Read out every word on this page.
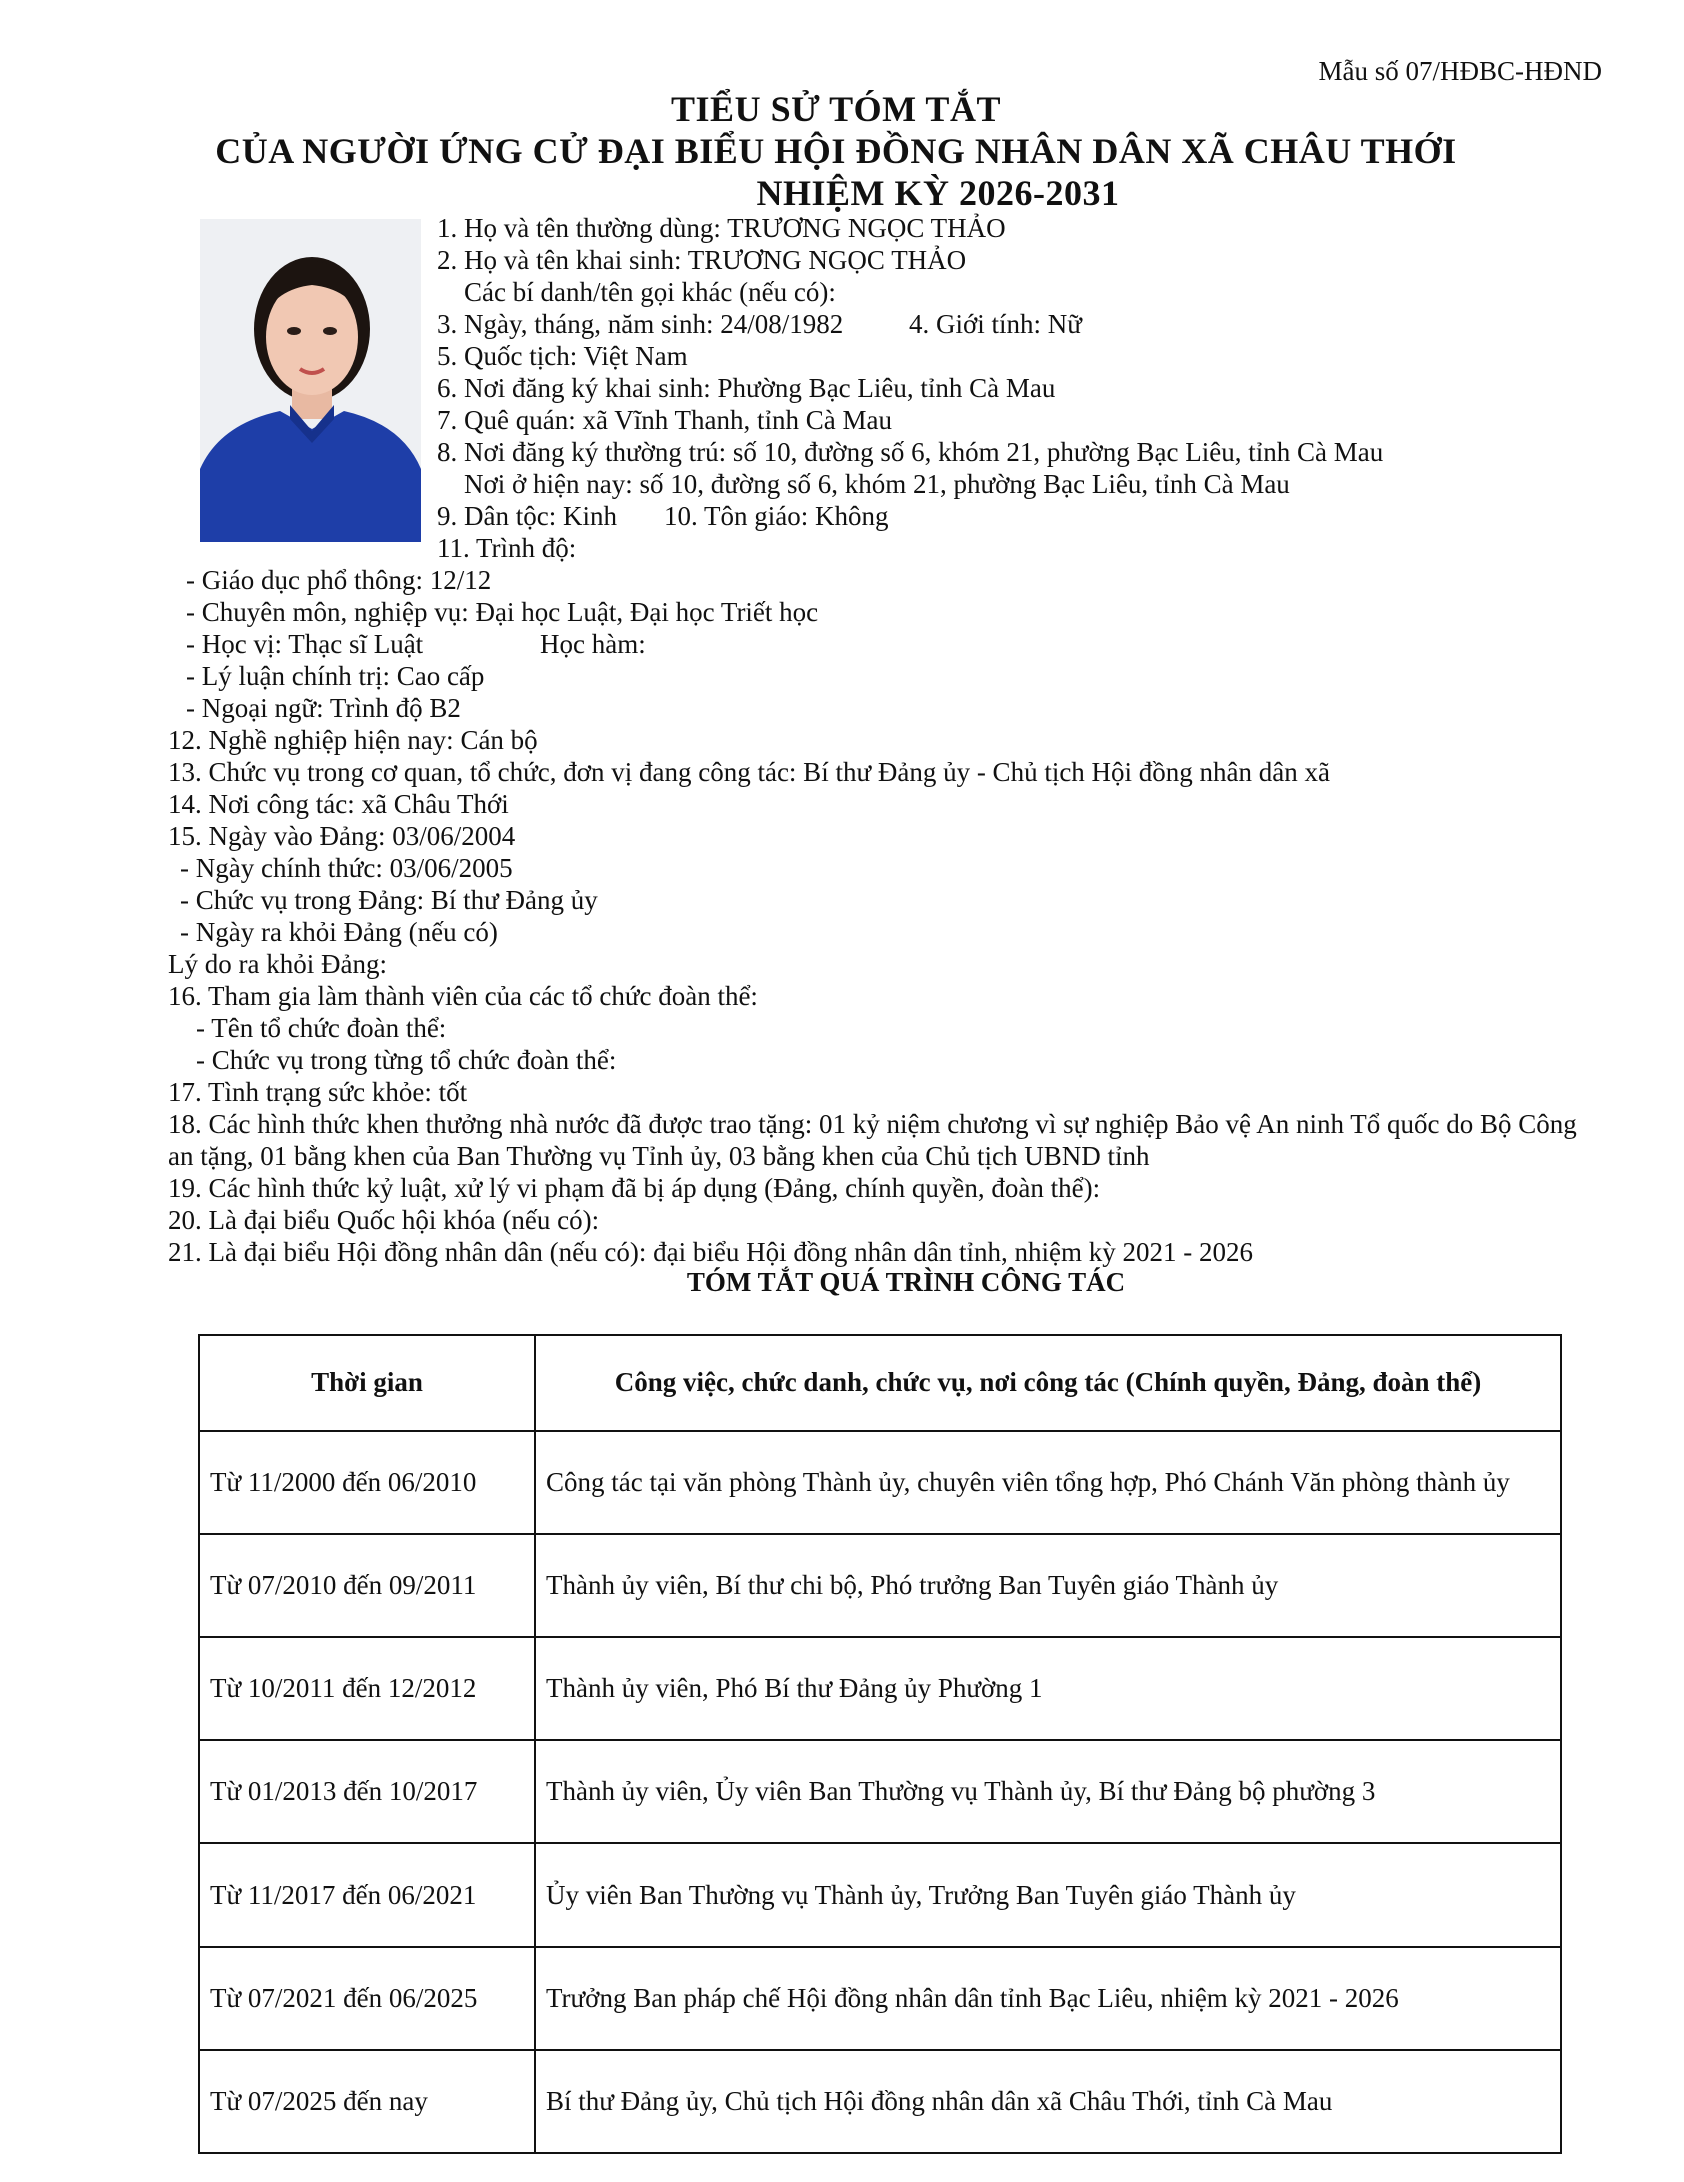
Mẫu số 07/HĐBC-HĐND
TIỂU SỬ TÓM TẮT
CỦA NGƯỜI ỨNG CỬ ĐẠI BIỂU HỘI ĐỒNG NHÂN DÂN XÃ CHÂU THỚI
NHIỆM KỲ 2026-2031
1. Họ và tên thường dùng: TRƯƠNG NGỌC THẢO
2. Họ và tên khai sinh: TRƯƠNG NGỌC THẢO
Các bí danh/tên gọi khác (nếu có):
3. Ngày, tháng, năm sinh: 24/08/1982 4. Giới tính: Nữ
5. Quốc tịch: Việt Nam
6. Nơi đăng ký khai sinh: Phường Bạc Liêu, tỉnh Cà Mau
7. Quê quán: xã Vĩnh Thanh, tỉnh Cà Mau
8. Nơi đăng ký thường trú: số 10, đường số 6, khóm 21, phường Bạc Liêu, tỉnh Cà Mau
Nơi ở hiện nay: số 10, đường số 6, khóm 21, phường Bạc Liêu, tỉnh Cà Mau
9. Dân tộc: Kinh 10. Tôn giáo: Không
11. Trình độ:
- Giáo dục phổ thông: 12/12
- Chuyên môn, nghiệp vụ: Đại học Luật, Đại học Triết học
- Học vị: Thạc sĩ Luật	Học hàm:
- Lý luận chính trị: Cao cấp
- Ngoại ngữ: Trình độ B2
12. Nghề nghiệp hiện nay: Cán bộ
13. Chức vụ trong cơ quan, tổ chức, đơn vị đang công tác: Bí thư Đảng ủy - Chủ tịch Hội đồng nhân dân xã
14. Nơi công tác: xã Châu Thới
15. Ngày vào Đảng: 03/06/2004
- Ngày chính thức: 03/06/2005
- Chức vụ trong Đảng: Bí thư Đảng ủy
- Ngày ra khỏi Đảng (nếu có)
Lý do ra khỏi Đảng:
16. Tham gia làm thành viên của các tổ chức đoàn thể:
- Tên tổ chức đoàn thể:
- Chức vụ trong từng tổ chức đoàn thể:
17. Tình trạng sức khỏe: tốt
18. Các hình thức khen thưởng nhà nước đã được trao tặng: 01 kỷ niệm chương vì sự nghiệp Bảo vệ An ninh Tổ quốc do Bộ Công
an tặng, 01 bằng khen của Ban Thường vụ Tỉnh ủy, 03 bằng khen của Chủ tịch UBND tỉnh
19. Các hình thức kỷ luật, xử lý vi phạm đã bị áp dụng (Đảng, chính quyền, đoàn thể):
20. Là đại biểu Quốc hội khóa (nếu có):
21. Là đại biểu Hội đồng nhân dân (nếu có): đại biểu Hội đồng nhân dân tỉnh, nhiệm kỳ 2021 - 2026
TÓM TẮT QUÁ TRÌNH CÔNG TÁC
Thời gian	Công việc, chức danh, chức vụ, nơi công tác (Chính quyền, Đảng, đoàn thể)
Từ 11/2000 đến 06/2010	Công tác tại văn phòng Thành ủy, chuyên viên tổng hợp, Phó Chánh Văn phòng thành ủy
Từ 07/2010 đến 09/2011	Thành ủy viên, Bí thư chi bộ, Phó trưởng Ban Tuyên giáo Thành ủy
Từ 10/2011 đến 12/2012	Thành ủy viên, Phó Bí thư Đảng ủy Phường 1
Từ 01/2013 đến 10/2017	Thành ủy viên, Ủy viên Ban Thường vụ Thành ủy, Bí thư Đảng bộ phường 3
Từ 11/2017 đến 06/2021	Ủy viên Ban Thường vụ Thành ủy, Trưởng Ban Tuyên giáo Thành ủy
Từ 07/2021 đến 06/2025	Trưởng Ban pháp chế Hội đồng nhân dân tỉnh Bạc Liêu, nhiệm kỳ 2021 - 2026
Từ 07/2025 đến nay	Bí thư Đảng ủy, Chủ tịch Hội đồng nhân dân xã Châu Thới, tỉnh Cà Mau
